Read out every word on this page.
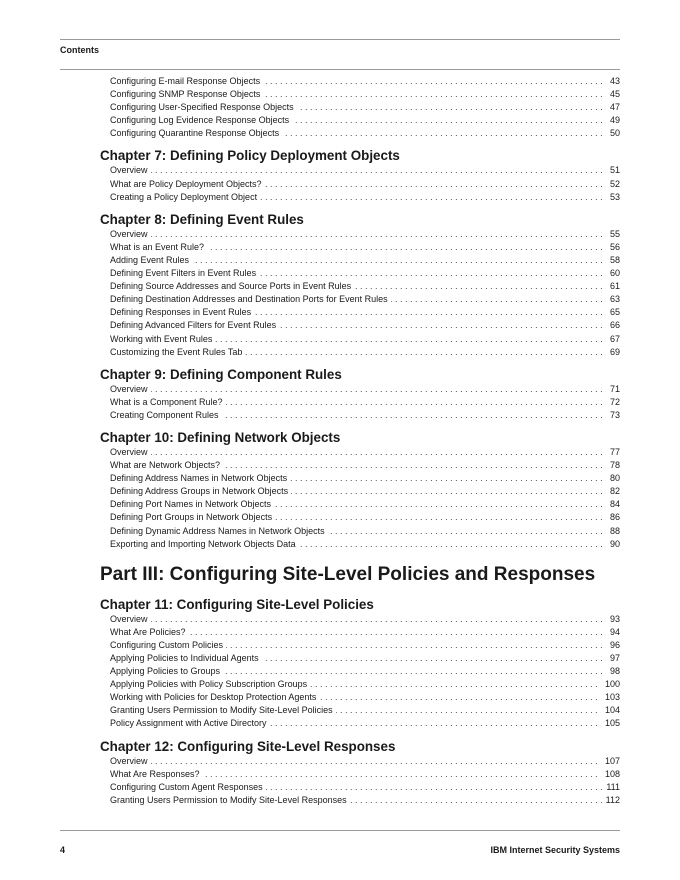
Contents
Configuring E-mail Response Objects	43
. . .
Configuring SNMP Response Objects	45
. . .
Configuring User-Specified Response Objects	47
. . .
Configuring Log Evidence Response Objects	49
. . .
Configuring Quarantine Response Objects	50
. . .
Chapter 7: Defining Policy Deployment Objects
Overview	51
. . .
What are Policy Deployment Objects?	52
. . .
Creating a Policy Deployment Object	53
. . .
Chapter 8: Defining Event Rules
Overview	55
. . .
What is an Event Rule?	56
. . .
Adding Event Rules	58
. . .
Defining Event Filters in Event Rules	60
. . .
Defining Source Addresses and Source Ports in Event Rules	61
. . .
Defining Destination Addresses and Destination Ports for Event Rules	63
. . .
Defining Responses in Event Rules	65
. . .
Defining Advanced Filters for Event Rules	66
. . .
Working with Event Rules	67
. . .
Customizing the Event Rules Tab	69
. . .
Chapter 9: Defining Component Rules
Overview	71
. . .
What is a Component Rule?	72
. . .
Creating Component Rules	73
. . .
Chapter 10: Defining Network Objects
Overview	77
. . .
What are Network Objects?	78
. . .
Defining Address Names in Network Objects	80
. . .
Defining Address Groups in Network Objects	82
. . .
Defining Port Names in Network Objects	84
. . .
Defining Port Groups in Network Objects	86
. . .
Defining Dynamic Address Names in Network Objects	88
. . .
Exporting and Importing Network Objects Data	90
. . .
Part III: Configuring Site-Level Policies and Responses
Chapter 11: Configuring Site-Level Policies
Overview	93
. . .
What Are Policies?	94
. . .
Configuring Custom Policies	96
. . .
Applying Policies to Individual Agents	97
. . .
Applying Policies to Groups	98
. . .
Applying Policies with Policy Subscription Groups	100
. . .
Working with Policies for Desktop Protection Agents	103
. . .
Granting Users Permission to Modify Site-Level Policies	104
. . .
Policy Assignment with Active Directory	105
. . .
Chapter 12: Configuring Site-Level Responses
Overview	107
. . .
What Are Responses?	108
. . .
Configuring Custom Agent Responses	111
. . .
Granting Users Permission to Modify Site-Level Responses	112
. . .
4	IBM Internet Security Systems
